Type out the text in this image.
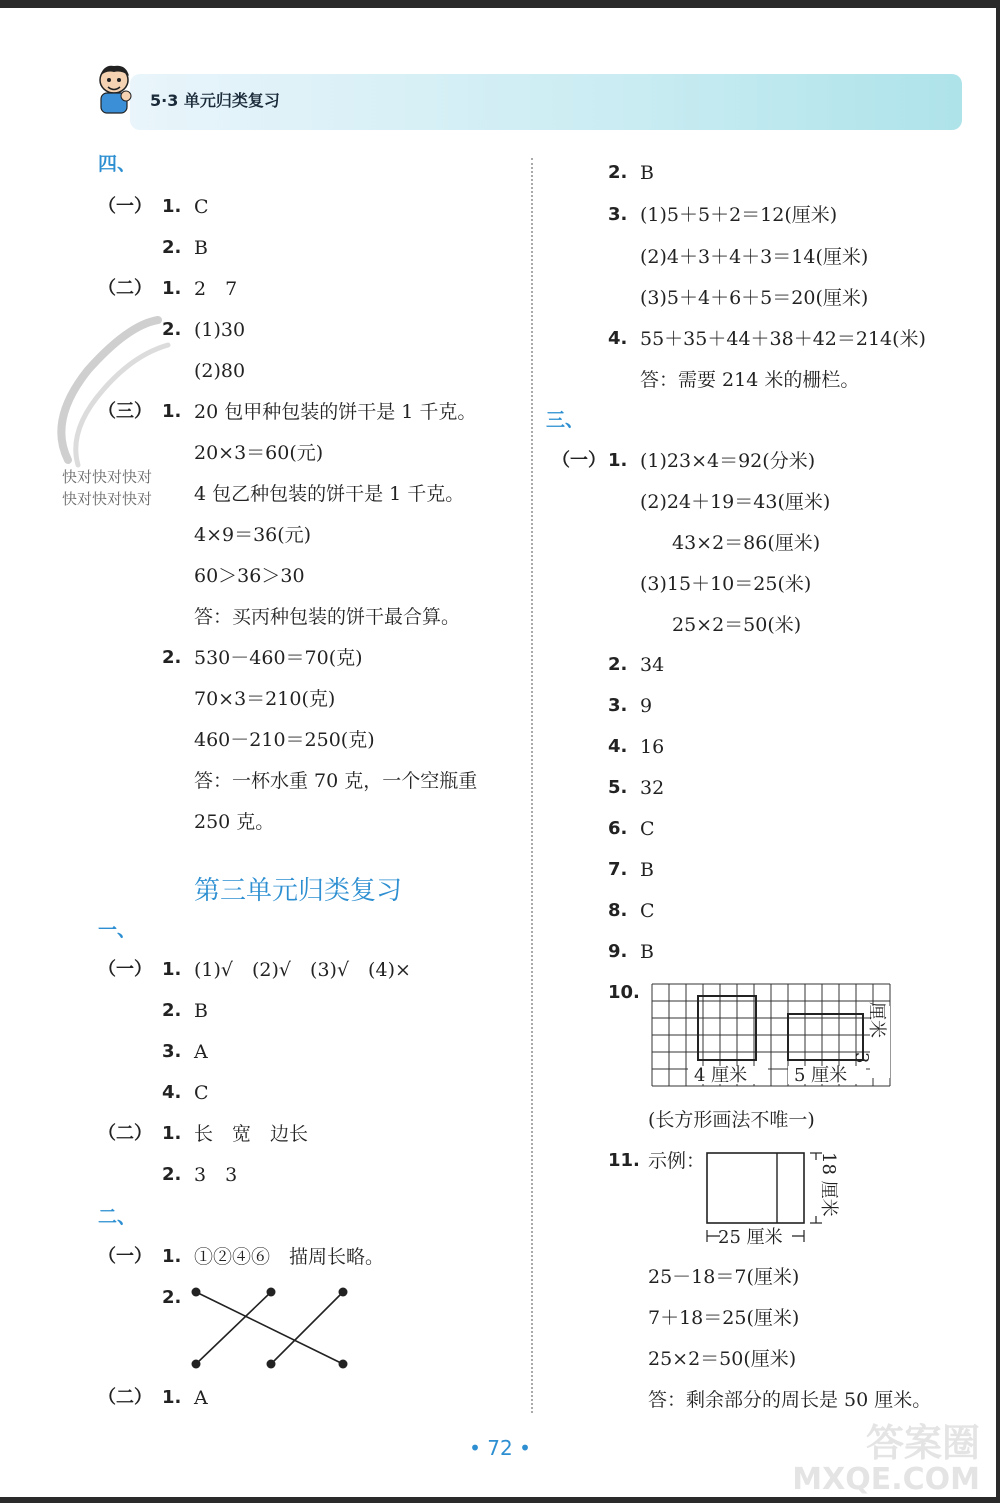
5·3 单元归类复习
快对快对快对
快对快对快对
四、
（一） 1. C
2. B
（二） 1. 2　7
2. (1)30
(2)80
（三） 1. 20 包甲种包装的饼干是 1 千克。
20×3＝60(元)
4 包乙种包装的饼干是 1 千克。
4×9＝36(元)
60＞36＞30
答：买丙种包装的饼干最合算。
2. 530－460＝70(克)
70×3＝210(克)
460－210＝250(克)
答：一杯水重 70 克，一个空瓶重
250 克。
第三单元归类复习
一、
（一） 1. (1)√　(2)√　(3)√　(4)×
2. B
3. A
4. C
（二） 1. 长　宽　边长
2. 3　3
二、
（一） 1. ①②④⑥　描周长略。
2.
（二） 1. A
2. B
3. (1)5＋5＋2＝12(厘米)
(2)4＋3＋4＋3＝14(厘米)
(3)5＋4＋6＋5＝20(厘米)
4. 55＋35＋44＋38＋42＝214(米)
答：需要 214 米的栅栏。
三、
（一） 1. (1)23×4＝92(分米)
(2)24＋19＝43(厘米)
43×2＝86(厘米)
(3)15＋10＝25(米)
25×2＝50(米)
2. 34
3. 9
4. 16
5. 32
6. C
7. B
8. C
9. B
10.
4 厘米	5 厘米
3
厘米
(长方形画法不唯一)
11. 示例：
25 厘米
18 厘米
25－18＝7(厘米)
7＋18＝25(厘米)
25×2＝50(厘米)
答：剩余部分的周长是 50 厘米。
• 72 •	答案圈
MXQE.COM
